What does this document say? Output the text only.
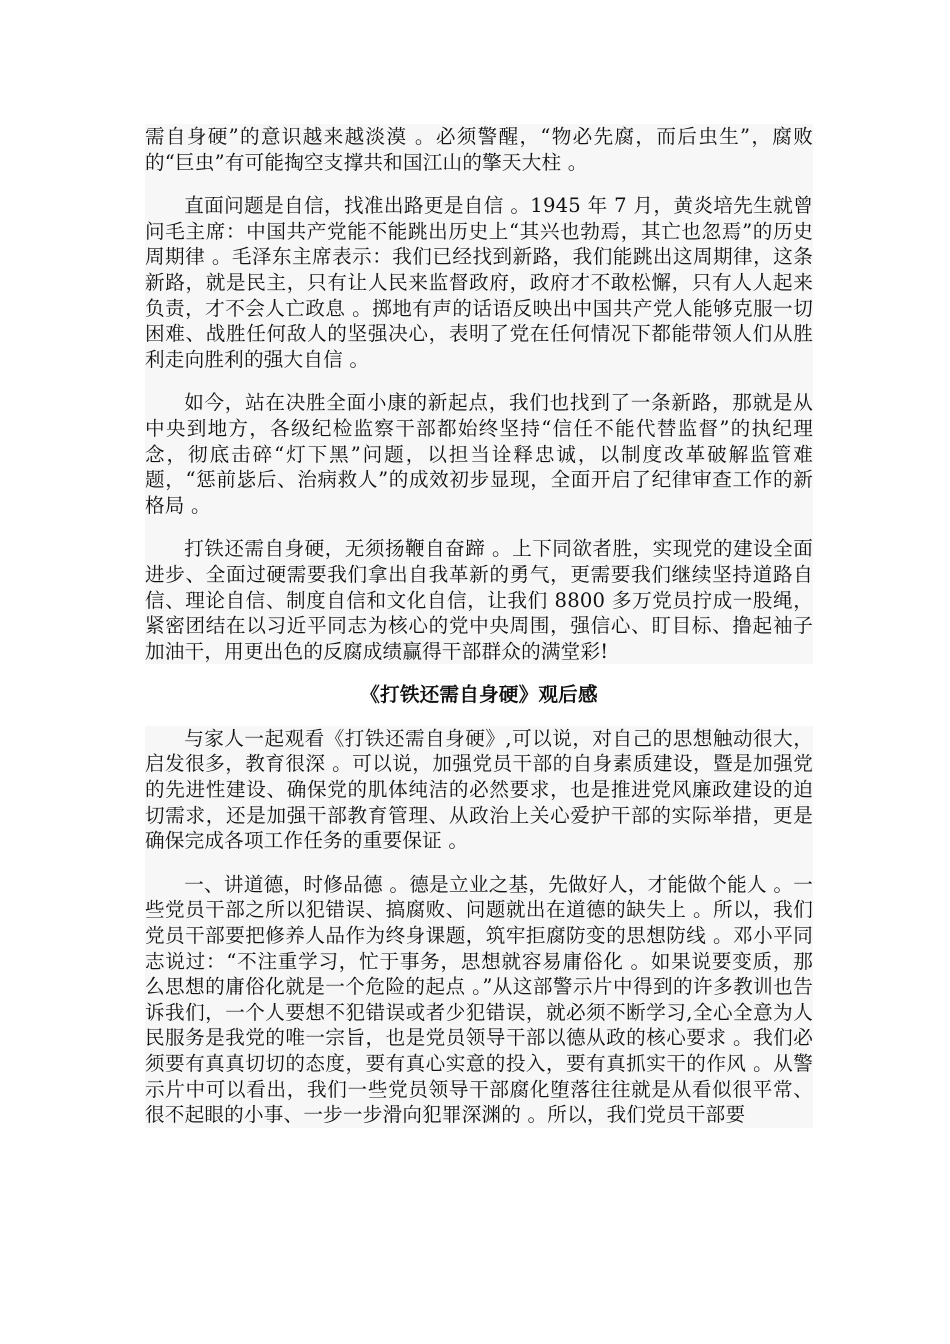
需自身硬”的意识越来越淡漠 。必须警醒，“物必先腐，而后虫生”，腐败的“巨虫”有可能掏空支撑共和国江山的擎天大柱 。

直面问题是自信，找准出路更是自信 。1945 年 7 月，黄炎培先生就曾问毛主席：中国共产党能不能跳出历史上“其兴也勃焉，其亡也忽焉”的历史周期律 。毛泽东主席表示：我们已经找到新路，我们能跳出这周期律，这条新路，就是民主，只有让人民来监督政府，政府才不敢松懈，只有人人起来负责，才不会人亡政息 。掷地有声的话语反映出中国共产党人能够克服一切困难、战胜任何敌人的坚强决心，表明了党在任何情况下都能带领人们从胜利走向胜利的强大自信 。

如今，站在决胜全面小康的新起点，我们也找到了一条新路，那就是从中央到地方，各级纪检监察干部都始终坚持“信任不能代替监督”的执纪理念，彻底击碎“灯下黑”问题，以担当诠释忠诚，以制度改革破解监管难题，“惩前毖后、治病救人”的成效初步显现，全面开启了纪律审查工作的新格局 。

打铁还需自身硬，无须扬鞭自奋蹄 。上下同欲者胜，实现党的建设全面进步、全面过硬需要我们拿出自我革新的勇气，更需要我们继续坚持道路自信、理论自信、制度自信和文化自信，让我们 8800 多万党员拧成一股绳，紧密团结在以习近平同志为核心的党中央周围，强信心、盯目标、撸起袖子加油干，用更出色的反腐成绩赢得干部群众的满堂彩!

《打铁还需自身硬》观后感

与家人一起观看《打铁还需自身硬》,可以说，对自己的思想触动很大，启发很多，教育很深 。可以说，加强党员干部的自身素质建设，暨是加强党的先进性建设、确保党的肌体纯洁的必然要求，也是推进党风廉政建设的迫切需求，还是加强干部教育管理、从政治上关心爱护干部的实际举措，更是确保完成各项工作任务的重要保证 。

一、讲道德，时修品德 。德是立业之基，先做好人，才能做个能人 。一些党员干部之所以犯错误、搞腐败、问题就出在道德的缺失上 。所以，我们党员干部要把修养人品作为终身课题，筑牢拒腐防变的思想防线 。邓小平同志说过：“不注重学习，忙于事务，思想就容易庸俗化 。如果说要变质，那么思想的庸俗化就是一个危险的起点 。”从这部警示片中得到的许多教训也告诉我们，一个人要想不犯错误或者少犯错误，就必须不断学习,全心全意为人民服务是我党的唯一宗旨，也是党员领导干部以德从政的核心要求 。我们必须要有真真切切的态度，要有真心实意的投入，要有真抓实干的作风 。从警示片中可以看出，我们一些党员领导干部腐化堕落往往就是从看似很平常、很不起眼的小事、一步一步滑向犯罪深渊的 。所以，我们党员干部要
